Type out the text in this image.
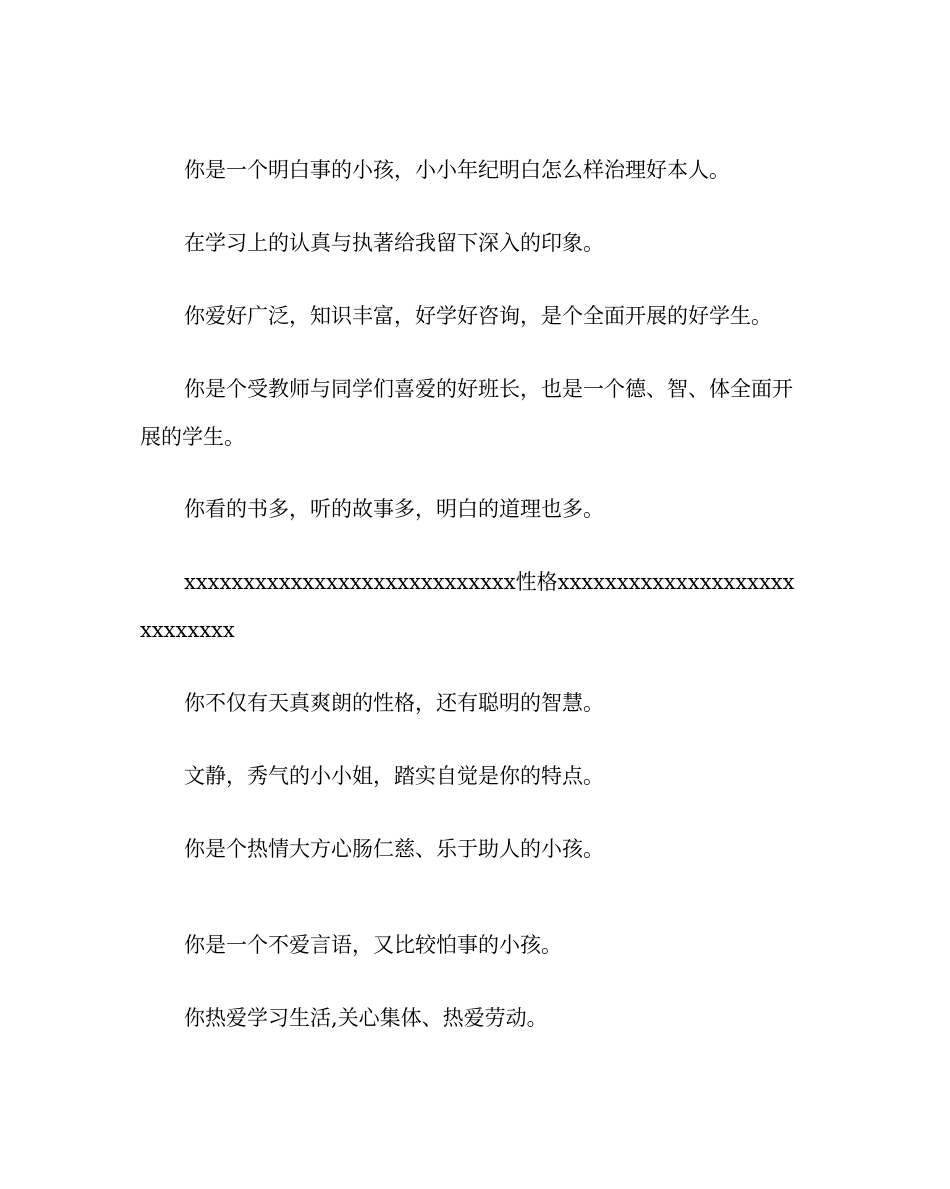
你是一个明白事的小孩，小小年纪明白怎么样治理好本人。

在学习上的认真与执著给我留下深入的印象。

你爱好广泛，知识丰富，好学好咨询，是个全面开展的好学生。

你是个受教师与同学们喜爱的好班长，也是一个德、智、体全面开展的学生。

你看的书多，听的故事多，明白的道理也多。

xxxxxxxxxxxxxxxxxxxxxxxxxxxx性格xxxxxxxxxxxxxxxxxxxxxxxxxxxx

你不仅有天真爽朗的性格，还有聪明的智慧。

文静，秀气的小小姐，踏实自觉是你的特点。

你是个热情大方心肠仁慈、乐于助人的小孩。

你是一个不爱言语，又比较怕事的小孩。

你热爱学习生活,关心集体、热爱劳动。
